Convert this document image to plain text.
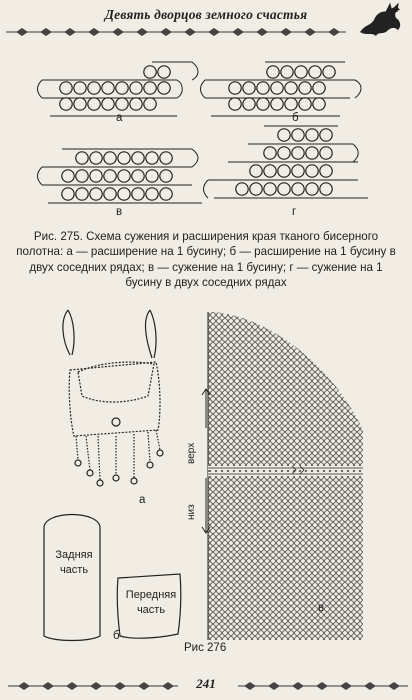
Девять дворцов земного счастья
а	б
в	г
Рис. 275. Схема сужения и расширения края тканого бисерного полотна: а — расширение на 1 бусину; б — расширение на 1 бусину в двух соседних рядах; в — сужение на 1 бусину; г — сужение на 1 бусину в двух соседних рядах
а
б
в
Задняя часть
Передняя часть
верх
низ
Рис 276
241
